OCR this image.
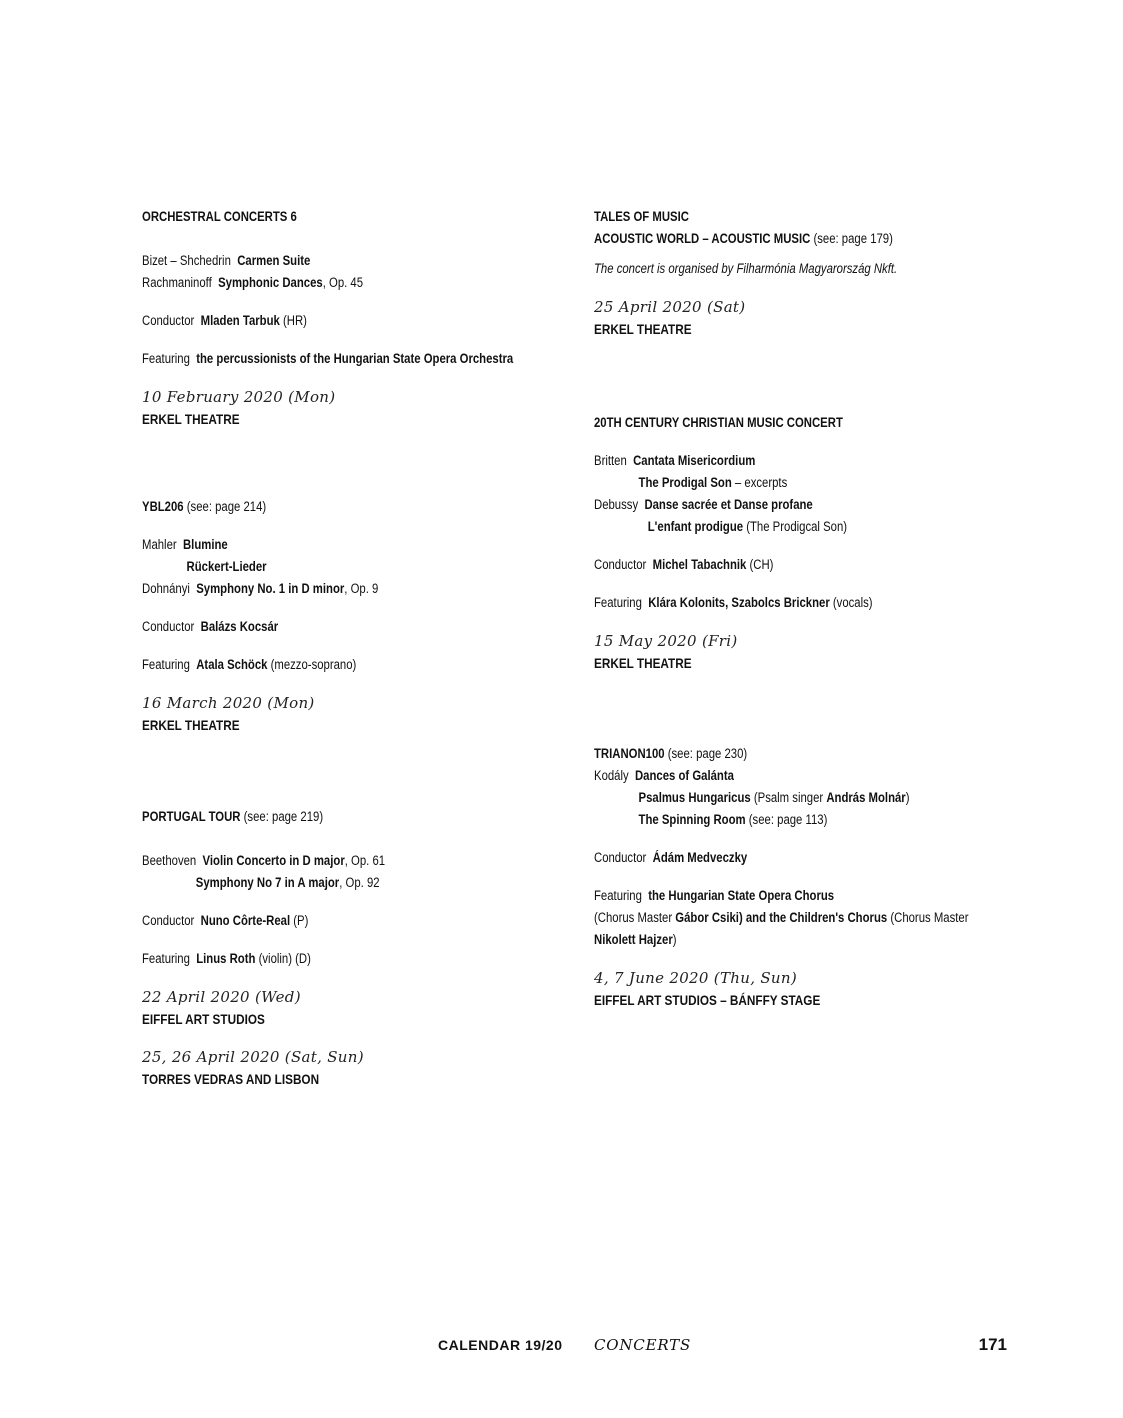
ORCHESTRAL CONCERTS 6
Bizet – Shchedrin Carmen Suite
Rachmaninoff Symphonic Dances, Op. 45
Conductor Mladen Tarbuk (HR)
Featuring the percussionists of the Hungarian State Opera Orchestra
10 February 2020 (Mon)
ERKEL THEATRE
YBL206 (see: page 214)
Mahler Blumine
Rückert-Lieder
Dohnányi Symphony No. 1 in D minor, Op. 9
Conductor Balázs Kocsár
Featuring Atala Schöck (mezzo-soprano)
16 March 2020 (Mon)
ERKEL THEATRE
PORTUGAL TOUR (see: page 219)
Beethoven Violin Concerto in D major, Op. 61
Symphony No 7 in A major, Op. 92
Conductor Nuno Côrte-Real (P)
Featuring Linus Roth (violin) (D)
22 April 2020 (Wed)
EIFFEL ART STUDIOS
25, 26 April 2020 (Sat, Sun)
TORRES VEDRAS AND LISBON
TALES OF MUSIC
ACOUSTIC WORLD – ACOUSTIC MUSIC (see: page 179)
The concert is organised by Filharmónia Magyarország Nkft.
25 April 2020 (Sat)
ERKEL THEATRE
20TH CENTURY CHRISTIAN MUSIC CONCERT
Britten Cantata Misericordium
The Prodigal Son – excerpts
Debussy Danse sacrée et Danse profane
L'enfant prodigue (The Prodigcal Son)
Conductor Michel Tabachnik (CH)
Featuring Klára Kolonits, Szabolcs Brickner (vocals)
15 May 2020 (Fri)
ERKEL THEATRE
TRIANON100 (see: page 230)
Kodály Dances of Galánta
Psalmus Hungaricus (Psalm singer András Molnár)
The Spinning Room (see: page 113)
Conductor Ádám Medveczky
Featuring the Hungarian State Opera Chorus
(Chorus Master Gábor Csiki) and the Children's Chorus (Chorus Master
Nikolett Hajzer)
4, 7 June 2020 (Thu, Sun)
EIFFEL ART STUDIOS – BÁNFFY STAGE
CALENDAR 19/20 CONCERTS	171
